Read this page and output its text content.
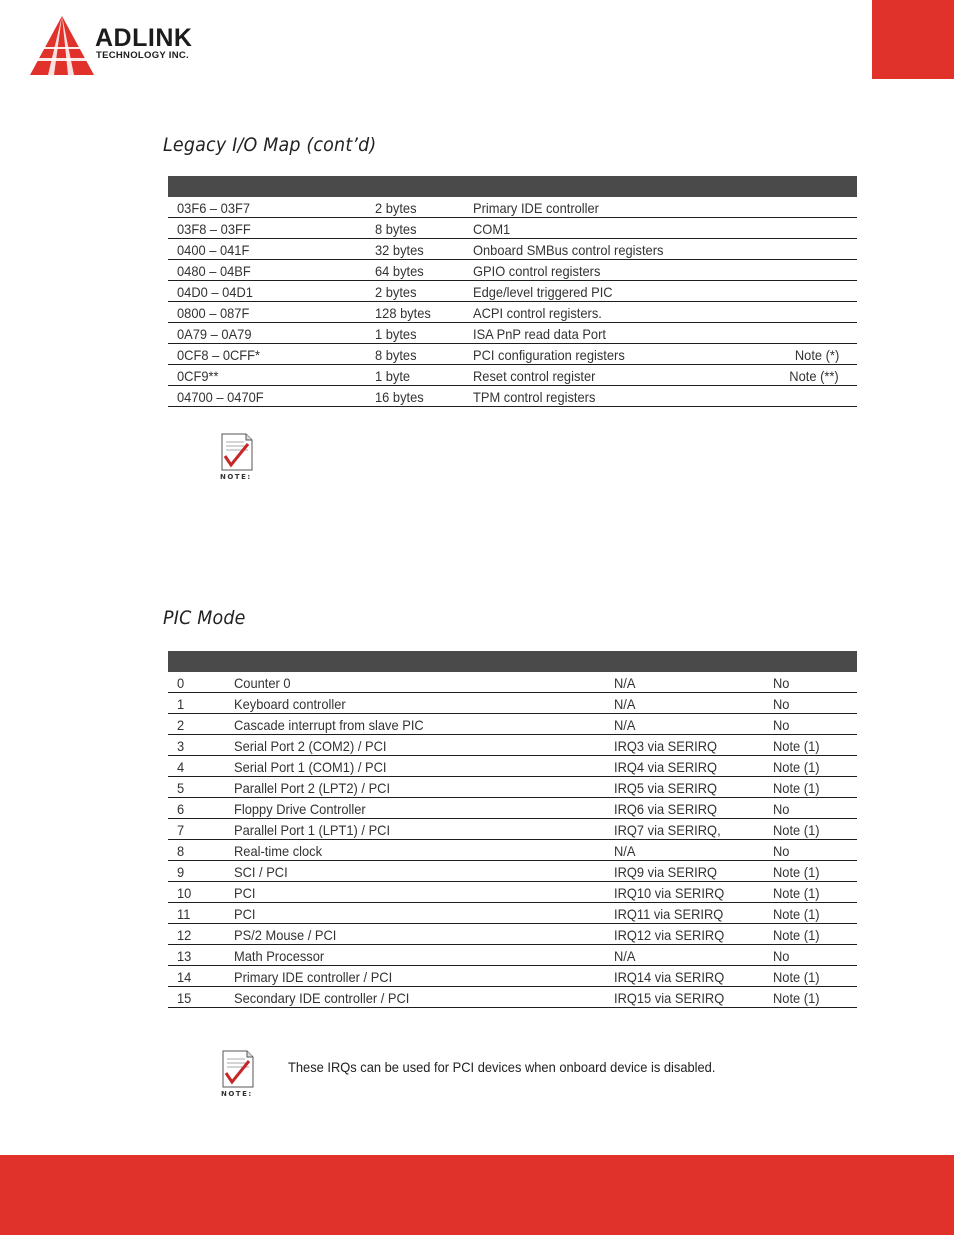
ADLINK
TECHNOLOGY INC.
Legacy I/O Map (cont’d)
03F6 – 03F7	2 bytes	Primary IDE controller
03F8 – 03FF	8 bytes	COM1
0400 – 041F	32 bytes	Onboard SMBus control registers
0480 – 04BF	64 bytes	GPIO control registers
04D0 – 04D1	2 bytes	Edge/level triggered PIC
0800 – 087F	128 bytes	ACPI control registers.
0A79 – 0A79	1 bytes	ISA PnP read data Port
0CF8 – 0CFF*	8 bytes	PCI configuration registers	Note (*)
0CF9**	1 byte	Reset control register	Note (**)
04700 – 0470F	16 bytes	TPM control registers
NOTE:
PIC Mode
0	Counter 0	N/A	No
1	Keyboard controller	N/A	No
2	Cascade interrupt from slave PIC	N/A	No
3	Serial Port 2 (COM2) / PCI	IRQ3 via SERIRQ	Note (1)
4	Serial Port 1 (COM1) / PCI	IRQ4 via SERIRQ	Note (1)
5	Parallel Port 2 (LPT2) / PCI	IRQ5 via SERIRQ	Note (1)
6	Floppy Drive Controller	IRQ6 via SERIRQ	No
7	Parallel Port 1 (LPT1) / PCI	IRQ7 via SERIRQ,	Note (1)
8	Real-time clock	N/A	No
9	SCI / PCI	IRQ9 via SERIRQ	Note (1)
10	PCI	IRQ10 via SERIRQ	Note (1)
11	PCI	IRQ11 via SERIRQ	Note (1)
12	PS/2 Mouse / PCI	IRQ12 via SERIRQ	Note (1)
13	Math Processor	N/A	No
14	Primary IDE controller / PCI	IRQ14 via SERIRQ	Note (1)
15	Secondary IDE controller / PCI	IRQ15 via SERIRQ	Note (1)
NOTE:
These IRQs can be used for PCI devices when onboard device is disabled.
